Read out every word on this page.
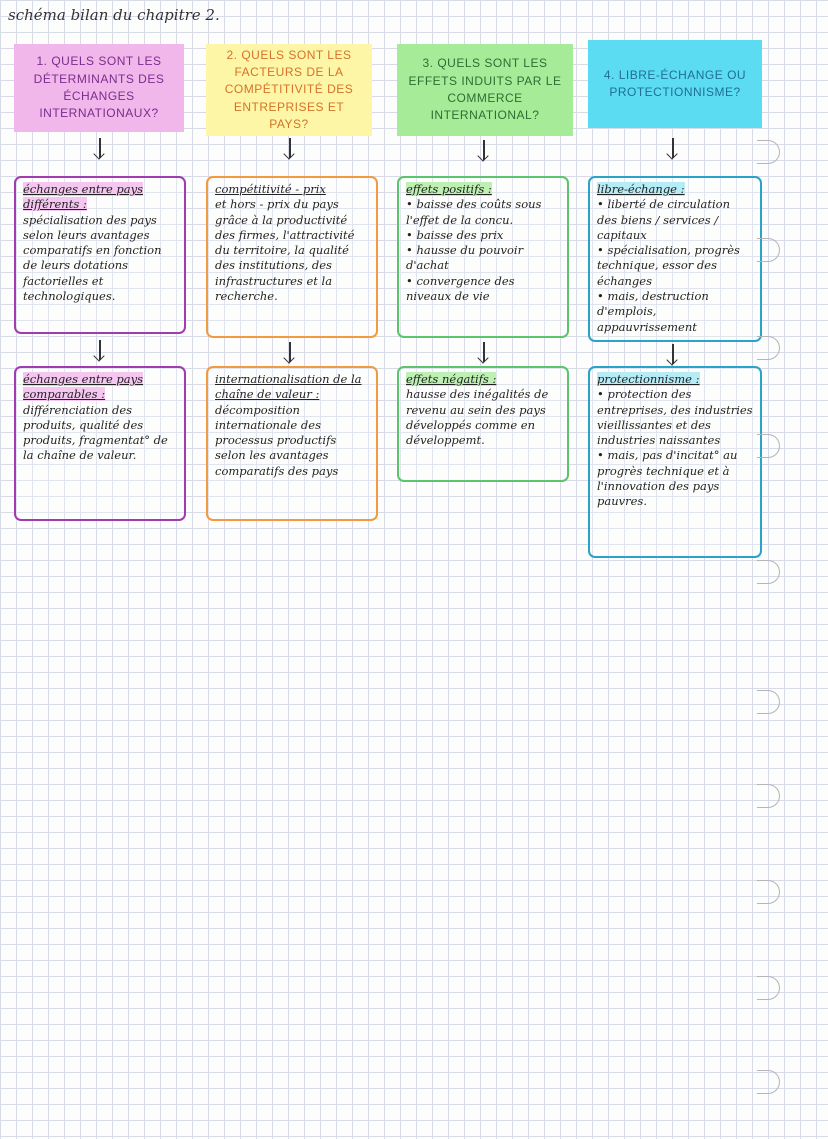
schéma bilan du chapitre 2.
1. QUELS SONT LES DÉTERMINANTS DES ÉCHANGES INTERNATIONAUX?
échanges entre pays différents :
spécialisation des pays selon leurs avantages comparatifs en fonction de leurs dotations factorielles et technologiques.
échanges entre pays comparables :
différenciation des produits, qualité des produits, fragmentat° de la chaîne de valeur.
2. QUELS SONT LES FACTEURS DE LA COMPÉTITIVITÉ DES ENTREPRISES ET PAYS?
compétitivité - prix
et hors - prix du pays grâce à la productivité des firmes, l'attractivité du territoire, la qualité des institutions, des infrastructures et la recherche.
internationalisation de la chaîne de valeur :
décomposition internationale des processus productifs selon les avantages comparatifs des pays
3. QUELS SONT LES EFFETS INDUITS PAR LE COMMERCE INTERNATIONAL?
effets positifs :
• baisse des coûts sous l'effet de la concu.
• baisse des prix
• hausse du pouvoir d'achat
• convergence des niveaux de vie
effets négatifs :
hausse des inégalités de revenu au sein des pays développés comme en développemt.
4. LIBRE-ÉCHANGE OU PROTECTIONNISME?
libre-échange :
• liberté de circulation des biens / services / capitaux
• spécialisation, progrès technique, essor des échanges
• mais, destruction d'emplois, appauvrissement
protectionnisme :
• protection des entreprises, des industries vieillissantes et des industries naissantes
• mais, pas d'incitat° au progrès technique et à l'innovation des pays pauvres.
